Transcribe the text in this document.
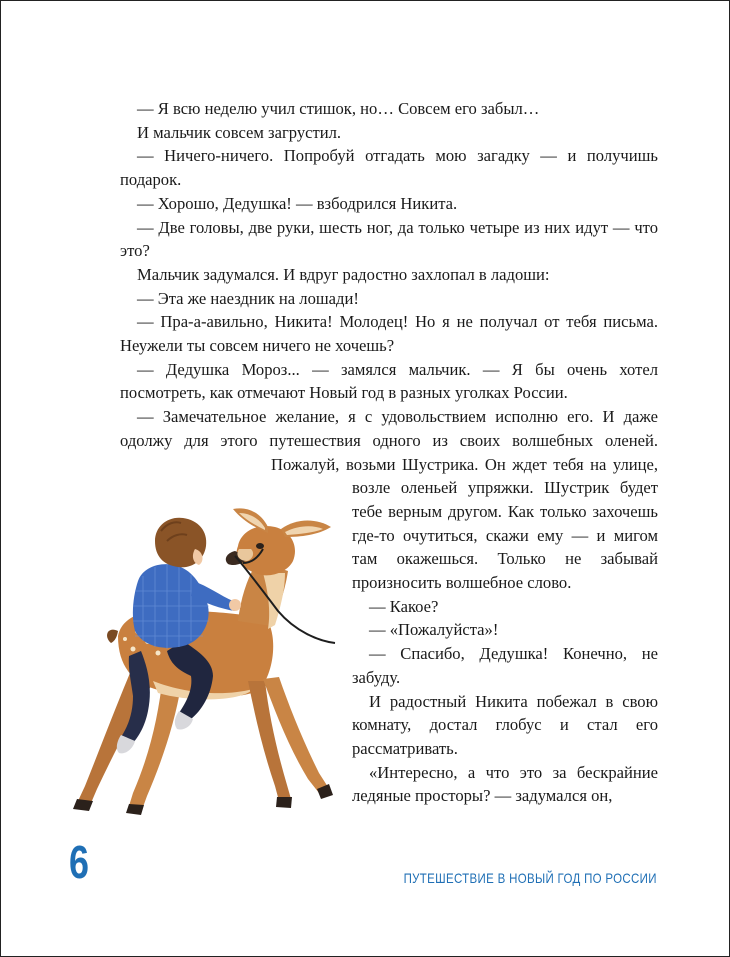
— Я всю неделю учил стишок, но… Совсем его забыл…

И мальчик совсем загрустил.

— Ничего-ничего. Попробуй отгадать мою загадку — и получишь подарок.

— Хорошо, Дедушка! — взбодрился Никита.

— Две головы, две руки, шесть ног, да только четыре из них идут — что это?

Мальчик задумался. И вдруг радостно захлопал в ладоши:

— Эта же наездник на лошади!

— Пра-а-авильно, Никита! Молодец! Но я не получал от тебя письма. Неужели ты совсем ничего не хочешь?

— Дедушка Мороз... — замялся мальчик. — Я бы очень хотел посмотреть, как отмечают Новый год в разных уголках России.

— Замечательное желание, я с удовольствием исполню его. И даже одолжу для этого путешествия одного из своих волшебных оленей. Пожалуй, возьми Шустрика. Он ждет тебя на улице, возле оленьей упряжки. Шустрик будет тебе верным другом. Как только захочешь где-то очутиться, скажи ему — и мигом там окажешься. Только не забывай произносить волшебное слово.

— Какое?

— «Пожалуйста»!

— Спасибо, Дедушка! Конечно, не забуду.

И радостный Никита побежал в свою комнату, достал глобус и стал его рассматривать.

«Интересно, а что это за бескрайние ледяные просторы? — задумался он,

6	ПУТЕШЕСТВИЕ В НОВЫЙ ГОД ПО РОССИИ
